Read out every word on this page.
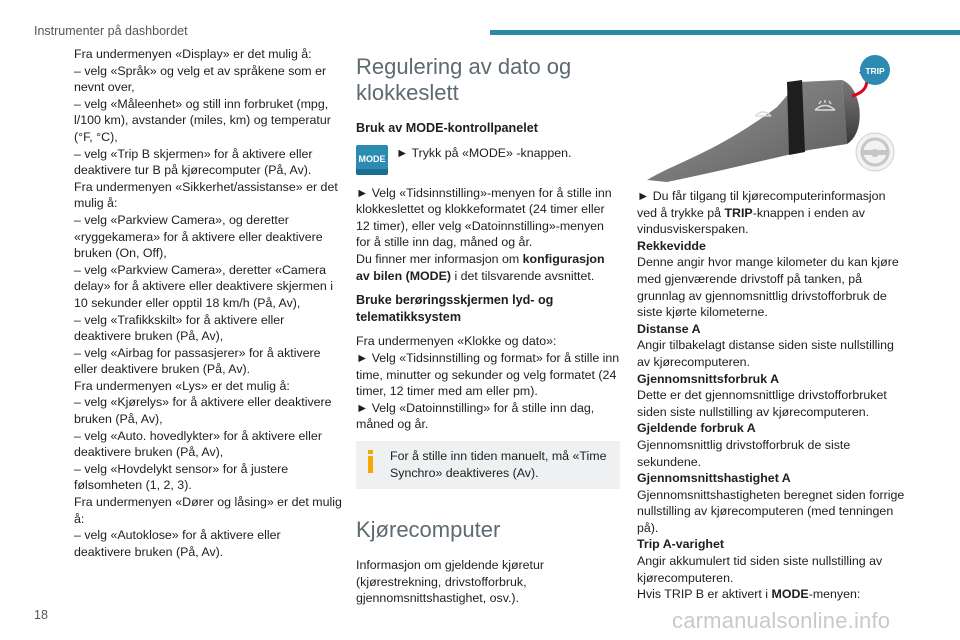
Instrumenter på dashbordet
Fra undermenyen «Display» er det mulig å:
– velg «Språk» og velg et av språkene som er
nevnt over,
– velg «Måleenhet» og still inn forbruket (mpg,
l/100 km), avstander (miles, km) og temperatur
(°F, °C),
– velg «Trip B skjermen» for å aktivere eller
deaktivere tur B på kjørecomputer (På, Av).
Fra undermenyen «Sikkerhet/assistanse» er det
mulig å:
– velg «Parkview Camera», og deretter
«ryggekamera» for å aktivere eller deaktivere
bruken (On, Off),
– velg «Parkview Camera», deretter «Camera
delay» for å aktivere eller deaktivere skjermen i
10 sekunder eller opptil 18 km/h (På, Av),
– velg «Trafikkskilt» for å aktivere eller
deaktivere bruken (På, Av),
– velg «Airbag for passasjerer» for å aktivere
eller deaktivere bruken (På, Av).
Fra undermenyen «Lys» er det mulig å:
– velg «Kjørelys» for å aktivere eller deaktivere
bruken (På, Av),
– velg «Auto. hovedlykter» for å aktivere eller
deaktivere bruken (På, Av),
– velg «Hovdelykt sensor» for å justere
følsomheten (1, 2, 3).
Fra undermenyen «Dører og låsing» er det mulig
å:
– velg «Autoklose» for å aktivere eller
deaktivere bruken (På, Av).
Regulering av dato og klokkeslett
Bruk av MODE-kontrollpanelet
MODE ► Trykk på «MODE» -knappen.
► Velg «Tidsinnstilling»-menyen for å stille inn klokkeslettet og klokkeformatet (24 timer eller 12 timer), eller velg «Datoinnstilling»-menyen for å stille inn dag, måned og år.
Du finner mer informasjon om konfigurasjon av bilen (MODE) i det tilsvarende avsnittet.
Bruke berøringsskjermen lyd- og telematikksystem
Fra undermenyen «Klokke og dato»:
► Velg «Tidsinnstilling og format» for å stille inn time, minutter og sekunder og velg formatet (24 timer, 12 timer med am eller pm).
► Velg «Datoinnstilling» for å stille inn dag, måned og år.
For å stille inn tiden manuelt, må «Time Synchro» deaktiveres (Av).
Kjørecomputer
Informasjon om gjeldende kjøretur (kjørestrekning, drivstofforbruk, gjennomsnittshastighet, osv.).
TRIP
► Du får tilgang til kjørecomputerinformasjon ved å trykke på TRIP-knappen i enden av vindusviskerspaken.
Rekkevidde
Denne angir hvor mange kilometer du kan kjøre med gjenværende drivstoff på tanken, på grunnlag av gjennomsnittlig drivstofforbruk de siste kjørte kilometerne.
Distanse A
Angir tilbakelagt distanse siden siste nullstilling av kjørecomputeren.
Gjennomsnittsforbruk A
Dette er det gjennomsnittlige drivstofforbruket siden siste nullstilling av kjørecomputeren.
Gjeldende forbruk A
Gjennomsnittlig drivstofforbruk de siste sekundene.
Gjennomsnittshastighet A
Gjennomsnittshastigheten beregnet siden forrige nullstilling av kjørecomputeren (med tenningen på).
Trip A-varighet
Angir akkumulert tid siden siste nullstilling av kjørecomputeren.
Hvis TRIP B er aktivert i MODE-menyen:
18	carmanualsonline.info
